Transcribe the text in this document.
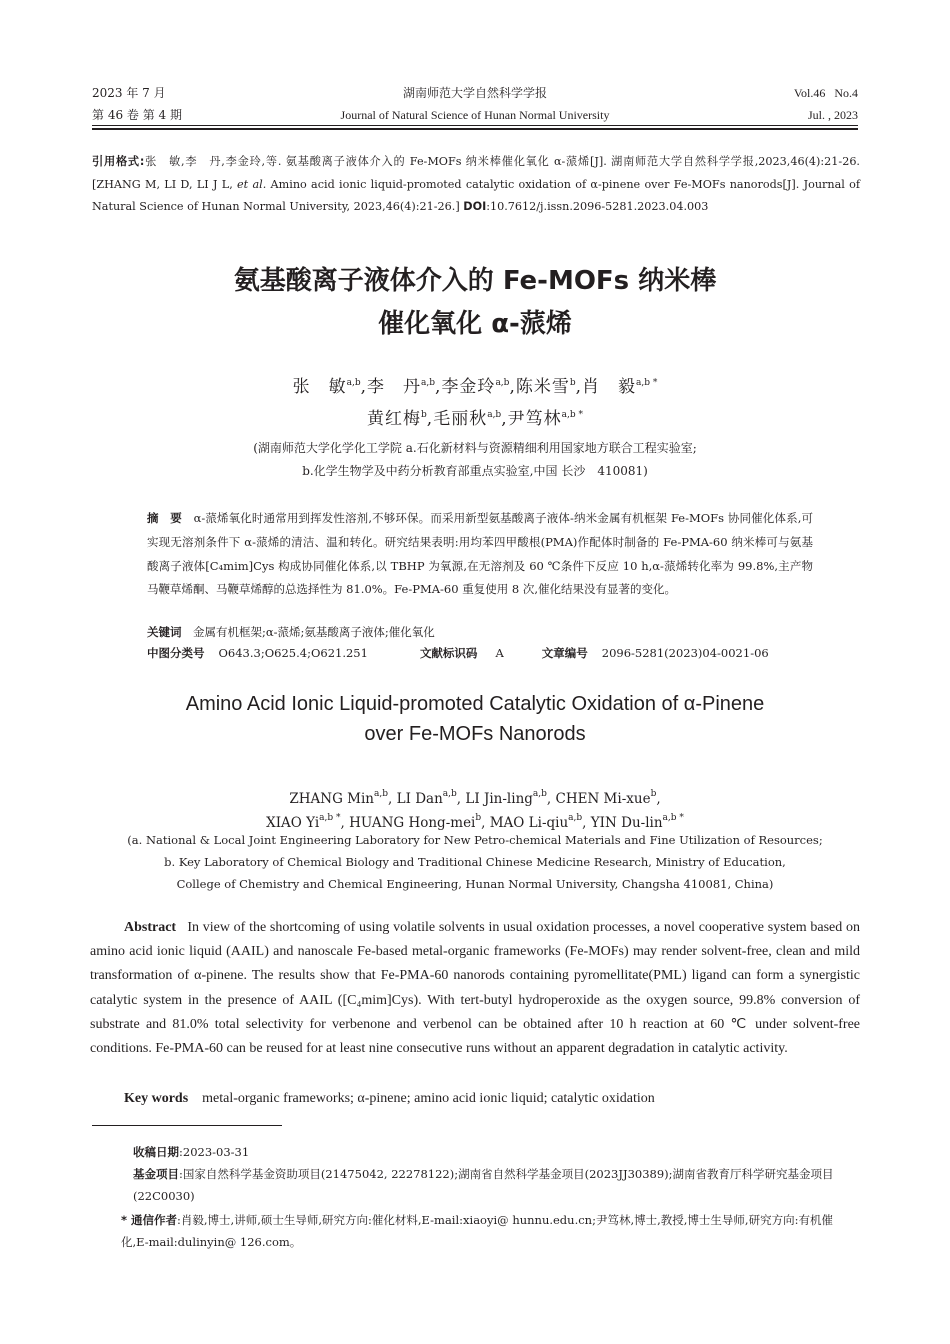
2023 年 7 月
第 46 卷 第 4 期
湖南师范大学自然科学学报
Journal of Natural Science of Hunan Normal University
Vol.46   No.4
Jul. , 2023
引用格式:张　敏,李　丹,李金玲,等. 氨基酸离子液体介入的 Fe-MOFs 纳米棒催化氧化 α-蒎烯[J]. 湖南师范大学自然科学学报,2023,46(4):21-26.[ZHANG M, LI D, LI J L, et al. Amino acid ionic liquid-promoted catalytic oxidation of α-pinene over Fe-MOFs nanorods[J]. Journal of Natural Science of Hunan Normal University, 2023,46(4):21-26.] DOI:10.7612/j.issn.2096-5281.2023.04.003
氨基酸离子液体介入的 Fe-MOFs 纳米棒
催化氧化 α-蒎烯
张　敏$^{a,b}$,李　丹$^{a,b}$,李金玲$^{a,b}$,陈米雪$^b$,肖　毅$^{a,b *}$
黄红梅$^b$,毛丽秋$^{a,b}$,尹笃林$^{a,b *}$
(湖南师范大学化学化工学院 a.石化新材料与资源精细利用国家地方联合工程实验室;
b.化学生物学及中药分析教育部重点实验室,中国 长沙　410081)
摘　要　 α-蒎烯氧化时通常用到挥发性溶剂,不够环保。而采用新型氨基酸离子液体-纳米金属有机框架 Fe-MOFs 协同催化体系,可实现无溶剂条件下 α-蒎烯的清洁、温和转化。研究结果表明:用均苯四甲酸根(PMA)作配体时制备的 Fe-PMA-60 纳米棒可与氨基酸离子液体[C₄mim]Cys 构成协同催化体系,以 TBHP 为氧源,在无溶剂及 60 ℃条件下反应 10 h,α-蒎烯转化率为 99.8%,主产物马鞭草烯酮、马鞭草烯醇的总选择性为 81.0%。Fe-PMA-60 重复使用 8 次,催化结果没有显著的变化。
关键词　 金属有机框架;α-蒎烯;氨基酸离子液体;催化氧化
中图分类号 O643.3;O625.4;O621.251	文献标识码 A	文章编号 2096-5281(2023)04-0021-06
Amino Acid Ionic Liquid-promoted Catalytic Oxidation of α-Pinene
over Fe-MOFs Nanorods
ZHANG Min$^{a,b}$, LI Dan$^{a,b}$, LI Jin-ling$^{a,b}$, CHEN Mi-xue$^b$,
XIAO $Yi^{a,b *}$, HUANG Hong-mei$^b$, MAO Li-qiu$^{a,b}$, YIN Du-lin$^{a,b *}$
(a. National & Local Joint Engineering Laboratory for New Petro-chemical Materials and Fine Utilization of Resources;
b. Key Laboratory of Chemical Biology and Traditional Chinese Medicine Research, Ministry of Education,
College of Chemistry and Chemical Engineering, Hunan Normal University, Changsha 410081, China)
Abstract In view of the shortcoming of using volatile solvents in usual oxidation processes, a novel cooperative system based on amino acid ionic liquid (AAIL) and nanoscale Fe-based metal-organic frameworks (Fe-MOFs) may render solvent-free, clean and mild transformation of α-pinene. The results show that Fe-PMA-60 nanorods containing pyromellitate(PML) ligand can form a synergistic catalytic system in the presence of AAIL ([C₄mim]Cys). With tert-butyl hydroperoxide as the oxygen source, 99.8% conversion of substrate and 81.0% total selectivity for verbenone and verbenol can be obtained after 10 h reaction at 60 ℃ under solvent-free conditions. Fe-PMA-60 can be reused for at least nine consecutive runs without an apparent degradation in catalytic activity.
Key words metal-organic frameworks; α-pinene; amino acid ionic liquid; catalytic oxidation
收稿日期:2023-03-31
基金项目:国家自然科学基金资助项目(21475042, 22278122);湖南省自然科学基金项目(2023JJ30389);湖南省教育厅科学研究基金项目(22C0030)
* 通信作者:肖毅,博士,讲师,硕士生导师,研究方向:催化材料,E-mail:xiaoyi@ hunnu.edu.cn;尹笃林,博士,教授,博士生导师,研究方向:有机催化,E-mail:dulinyin@ 126.com。
